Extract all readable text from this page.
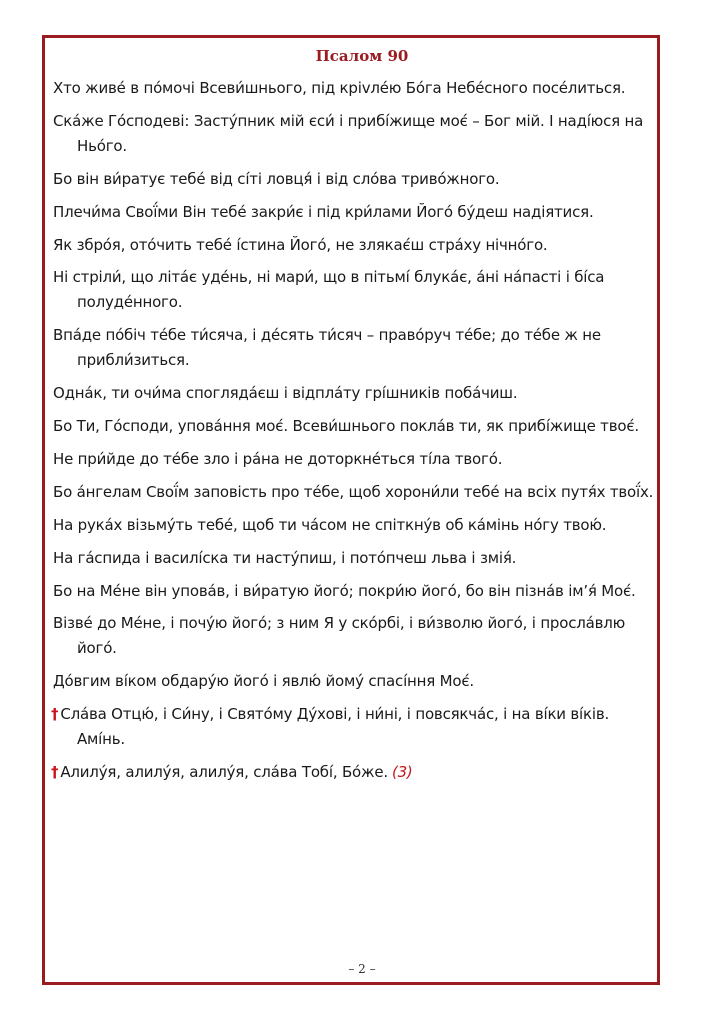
Псалом 90
Хто живе́ в по́мочі Всеви́шнього, під кріvле́ю Бо́га Небе́сного посе́литься.
Ска́же Го́сподеві: Засту́пник мій єси́ і прибі́жище моє́ – Бог мій. І наді́юся на Ньо́го.
Бо він ви́ратує тебе́ від сі́ті ловця́ і від сло́ва триво́жного.
Плечи́ма Свої́ми Він тебе́ закри́є і під кри́лами Його́ бу́деш надіятися.
Як збро́я, ото́чить тебе́ і́стина Його́, не злякає́ш стра́ху нічно́го.
Ні стріли́, що літа́є уде́нь, ні мари́, що в пітьмі́ блука́є, а́ні на́пасті і бі́са полуде́нного.
Впа́де по́біч те́бе ти́сяча, і де́сять ти́сяч – право́руч те́бе; до те́бе ж не прибли́зиться.
Одна́к, ти очи́ма спогляда́єш і відпла́ту грі́шників поба́чиш.
Бо Ти, Го́споди, упова́ння моє́. Всеви́шнього покла́в ти, як прибі́жище твоє́.
Не при́йде до те́бе зло і ра́на не доторкне́ться ті́ла твого́.
Бо а́нгелам Свої́м заповість про те́бе, щоб хорони́ли тебе́ на всіх путя́х твої́х.
На рука́х візьму́ть тебе́, щоб ти ча́сом не спіткну́в об ка́мінь но́гу твою́.
На га́спида і василі́ска ти насту́пиш, і пото́пчеш льва і змія́.
Бо на Ме́не він упова́в, і ви́ратую його́; покри́ю його́, бо він пізна́в ім’я́ Моє́.
Візве́ до Ме́не, і почу́ю його́; з ним Я у ско́рбі, і ви́зволю його́, і просла́влю його́.
До́вгим ві́ком обдару́ю його́ і явлю́ йому́ спасі́ння Моє́.
† Сла́ва Отцю́, і Си́ну, і Свято́му Ду́хові, і ни́ні, і повсякча́с, і на ві́ки ві́ків. Амі́нь.
† Алилу́я, алилу́я, алилу́я, сла́ва Тобі́, Бо́же. (3)

– 2 –
